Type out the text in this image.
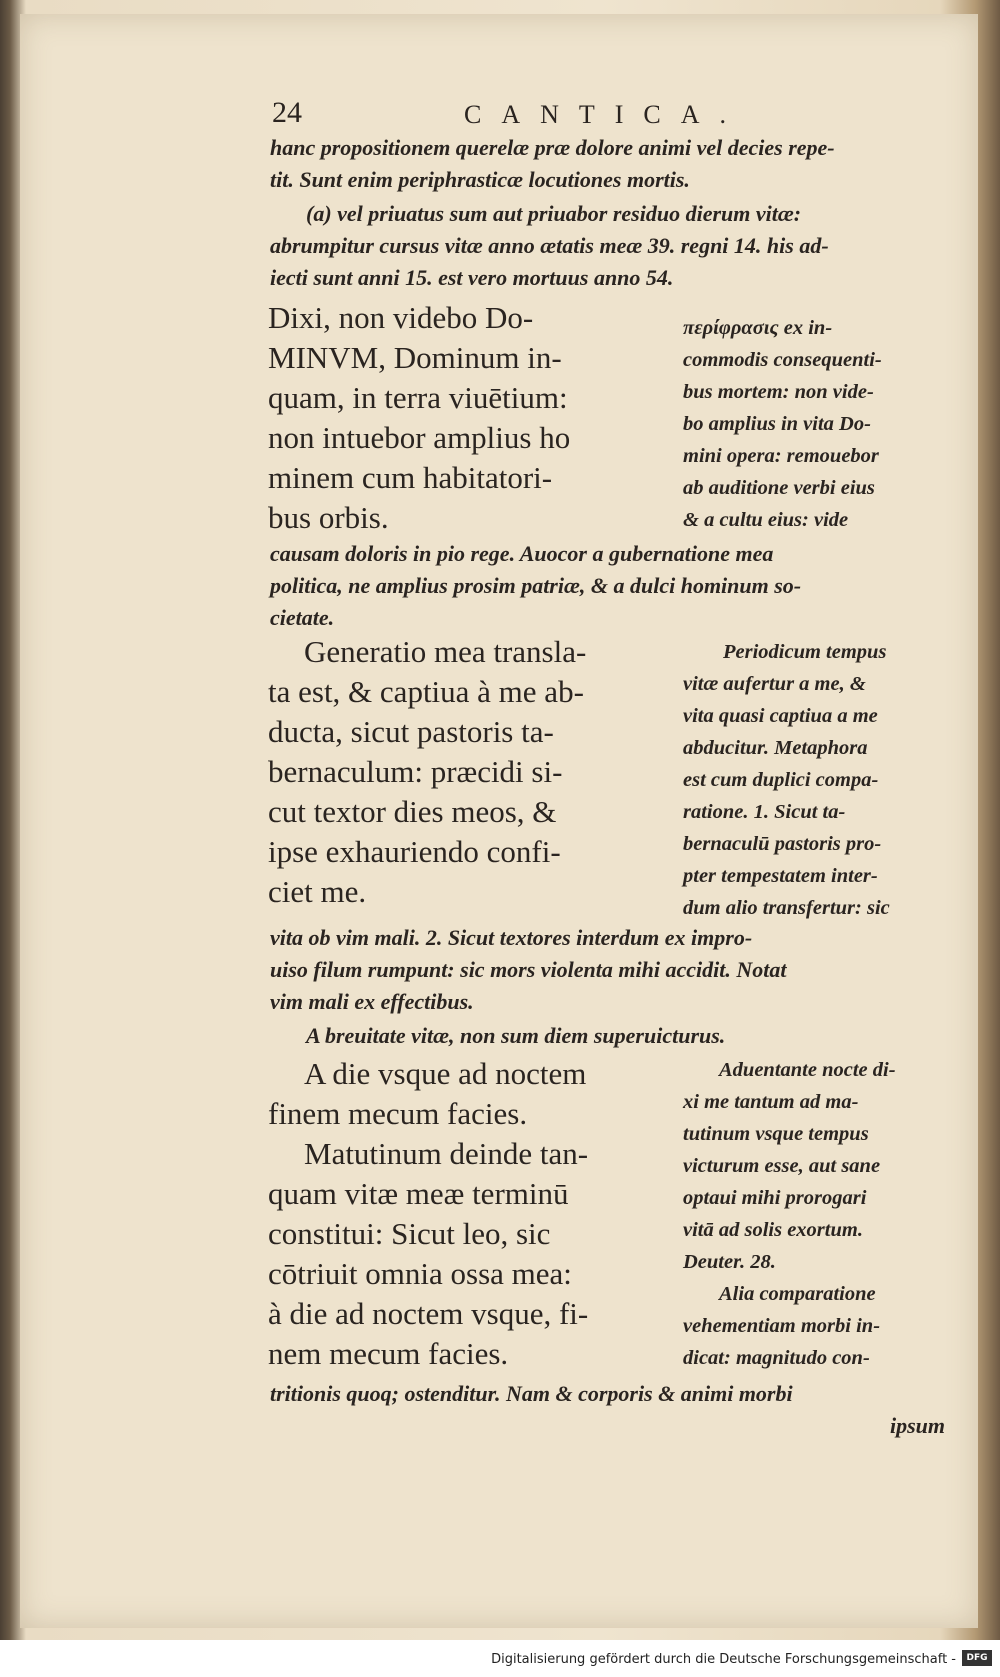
24	CANTICA.
hanc propositionem querelæ præ dolore animi vel decies repe-
tit. Sunt enim periphrasticæ locutiones mortis.
(a) vel priuatus sum aut priuabor residuo dierum vitæ:
abrumpitur cursus vitæ anno ætatis meæ 39. regni 14. his ad-
iecti sunt anni 15. est vero mortuus anno 54.
Dixi, non videbo Do-
MINVM, Dominum in-
quam, in terra viuētium:
non intuebor amplius ho
minem cum habitatori-
bus orbis.
περίφρασις ex in-
commodis consequenti-
bus mortem: non vide-
bo amplius in vita Do-
mini opera: remouebor
ab auditione verbi eius
& a cultu eius: vide
causam doloris in pio rege. Auocor a gubernatione mea
politica, ne amplius prosim patriæ, & a dulci hominum so-
cietate.
Generatio mea transla-
ta est, & captiua à me ab-
ducta, sicut pastoris ta-
bernaculum: præcidi si-
cut textor dies meos, &
ipse exhauriendo confi-
ciet me.
Periodicum tempus
vitæ aufertur a me, &
vita quasi captiua a me
abducitur. Metaphora
est cum duplici compa-
ratione. 1. Sicut ta-
bernaculū pastoris pro-
pter tempestatem inter-
dum alio transfertur: sic
vita ob vim mali. 2. Sicut textores interdum ex impro-
uiso filum rumpunt: sic mors violenta mihi accidit. Notat
vim mali ex effectibus.
A breuitate vitæ, non sum diem superuicturus.
A die vsque ad noctem
finem mecum facies.
Matutinum deinde tan-
quam vitæ meæ terminū
constitui: Sicut leo, sic
cōtriuit omnia ossa mea:
à die ad noctem vsque, fi-
nem mecum facies.
Aduentante nocte di-
xi me tantum ad ma-
tutinum vsque tempus
victurum esse, aut sane
optaui mihi prorogari
vitā ad solis exortum.
Deuter. 28.
Alia comparatione
vehementiam morbi in-
dicat: magnitudo con-
tritionis quoq; ostenditur. Nam & corporis & animi morbi
ipsum
Digitalisierung gefördert durch die Deutsche Forschungsgemeinschaft -	DFG
